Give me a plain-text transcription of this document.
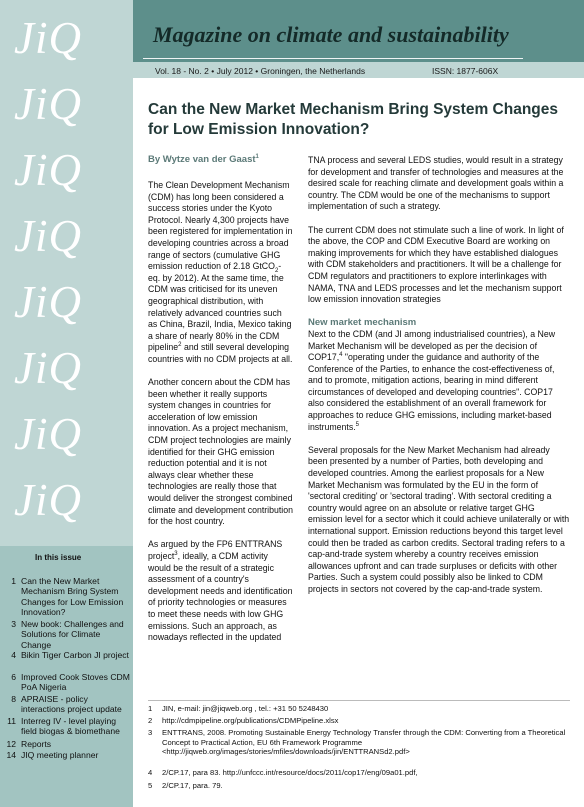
JiQ
JiQ
JiQ
JiQ
JiQ
JiQ
JiQ
JiQ
In this issue
1 Can the New Market Mechanism Bring System Changes for Low Emission Innovation?
3 New book: Challenges and Solutions for Climate Change
4 Bikin Tiger Carbon JI project
6 Improved Cook Stoves CDM PoA Nigeria
8 APRAISE - policy interactions project update
11 Interreg IV - level playing field biogas & biomethane
12 Reports
14 JIQ meeting planner
Magazine on climate and sustainability
Vol. 18 - No. 2 • July 2012 • Groningen, the Netherlands	ISSN: 1877-606X
Can the New Market Mechanism Bring System Changes for Low Emission Innovation?
By Wytze van der Gaast$^1$

The Clean Development Mechanism (CDM) has long been considered a success stories under the Kyoto Protocol. Nearly 4,300 projects have been registered for implementation in developing countries across a broad range of sectors (cumulative GHG emission reduction of 2.18 GtCO$_2$-eq. by 2012). At the same time, the CDM was criticised for its uneven geographical distribution, with relatively advanced countries such as China, Brazil, India, Mexico taking a share of nearly 80% in the CDM pipeline$^2$ and still several developing countries with no CDM projects at all.

Another concern about the CDM has been whether it really supports system changes in countries for acceleration of low emission innovation. As a project mechanism, CDM project technologies are mainly identified for their GHG emission reduction potential and it is not always clear whether these technologies are really those that would deliver the strongest combined climate and development contribution for the host country.

As argued by the FP6 ENTTRANS project$^3$, ideally, a CDM activity would be the result of a strategic assessment of a country's development needs and identification of priority technologies or measures to meet these needs with low GHG emissions. Such an approach, as nowadays reflected in the updated

TNA process and several LEDS studies, would result in a strategy for development and transfer of technologies and measures at the desired scale for reaching climate and development goals within a country. The CDM would be one of the mechanisms to support implementation of such a strategy.

The current CDM does not stimulate such a line of work. In light of the above, the COP and CDM Executive Board are working on making improvements for which they have established dialogues with CDM stakeholders and practitioners. It will be a challenge for CDM regulators and practitioners to explore interlinkages with NAMA, TNA and LEDS processes and let the mechanism support low emission innovation strategies

New market mechanism

Next to the CDM (and JI among industrialised countries), a New Market Mechanism will be developed as per the decision of COP17,$^4$ "operating under the guidance and authority of the Conference of the Parties, to enhance the cost-effectiveness of, and to promote, mitigation actions, bearing in mind different circumstances of developed and developing countries". COP17 also considered the establishment of an overall framework for approaches to reduce GHG emissions, including market-based instruments.$^5$

Several proposals for the New Market Mechanism had already been presented by a number of Parties, both developing and developed countries. Among the earliest proposals for a New Market Mechanism was formulated by the EU in the form of 'sectoral crediting' or 'sectoral trading'. With sectoral crediting a country would agree on an absolute or relative target GHG emission level for a sector which it could achieve unilaterally or with international support. Emission reductions beyond this target level could then be traded as carbon credits. Sectoral trading refers to a cap-and-trade system whereby a country receives emission allowances upfront and can trade surpluses or deficits with other Parties. Such a system could possibly also be linked to CDM projects in sectors not covered by the cap-and-trade system.

1	JIN, e-mail: jin@jiqweb.org , tel.: +31 50 5248430
2	http://cdmpipeline.org/publications/CDMPipeline.xlsx
3	ENTTRANS, 2008. Promoting Sustainable Energy Technology Transfer through the CDM: Converting from a Theoretical Concept to Practical Action, EU 6th Framework Programme <http://jiqweb.org/images/stories/mfiles/downloads/jin/ENTTRANSd2.pdf>
4	2/CP.17, para 83. http://unfccc.int/resource/docs/2011/cop17/eng/09a01.pdf,
5	2/CP.17, para. 79.
